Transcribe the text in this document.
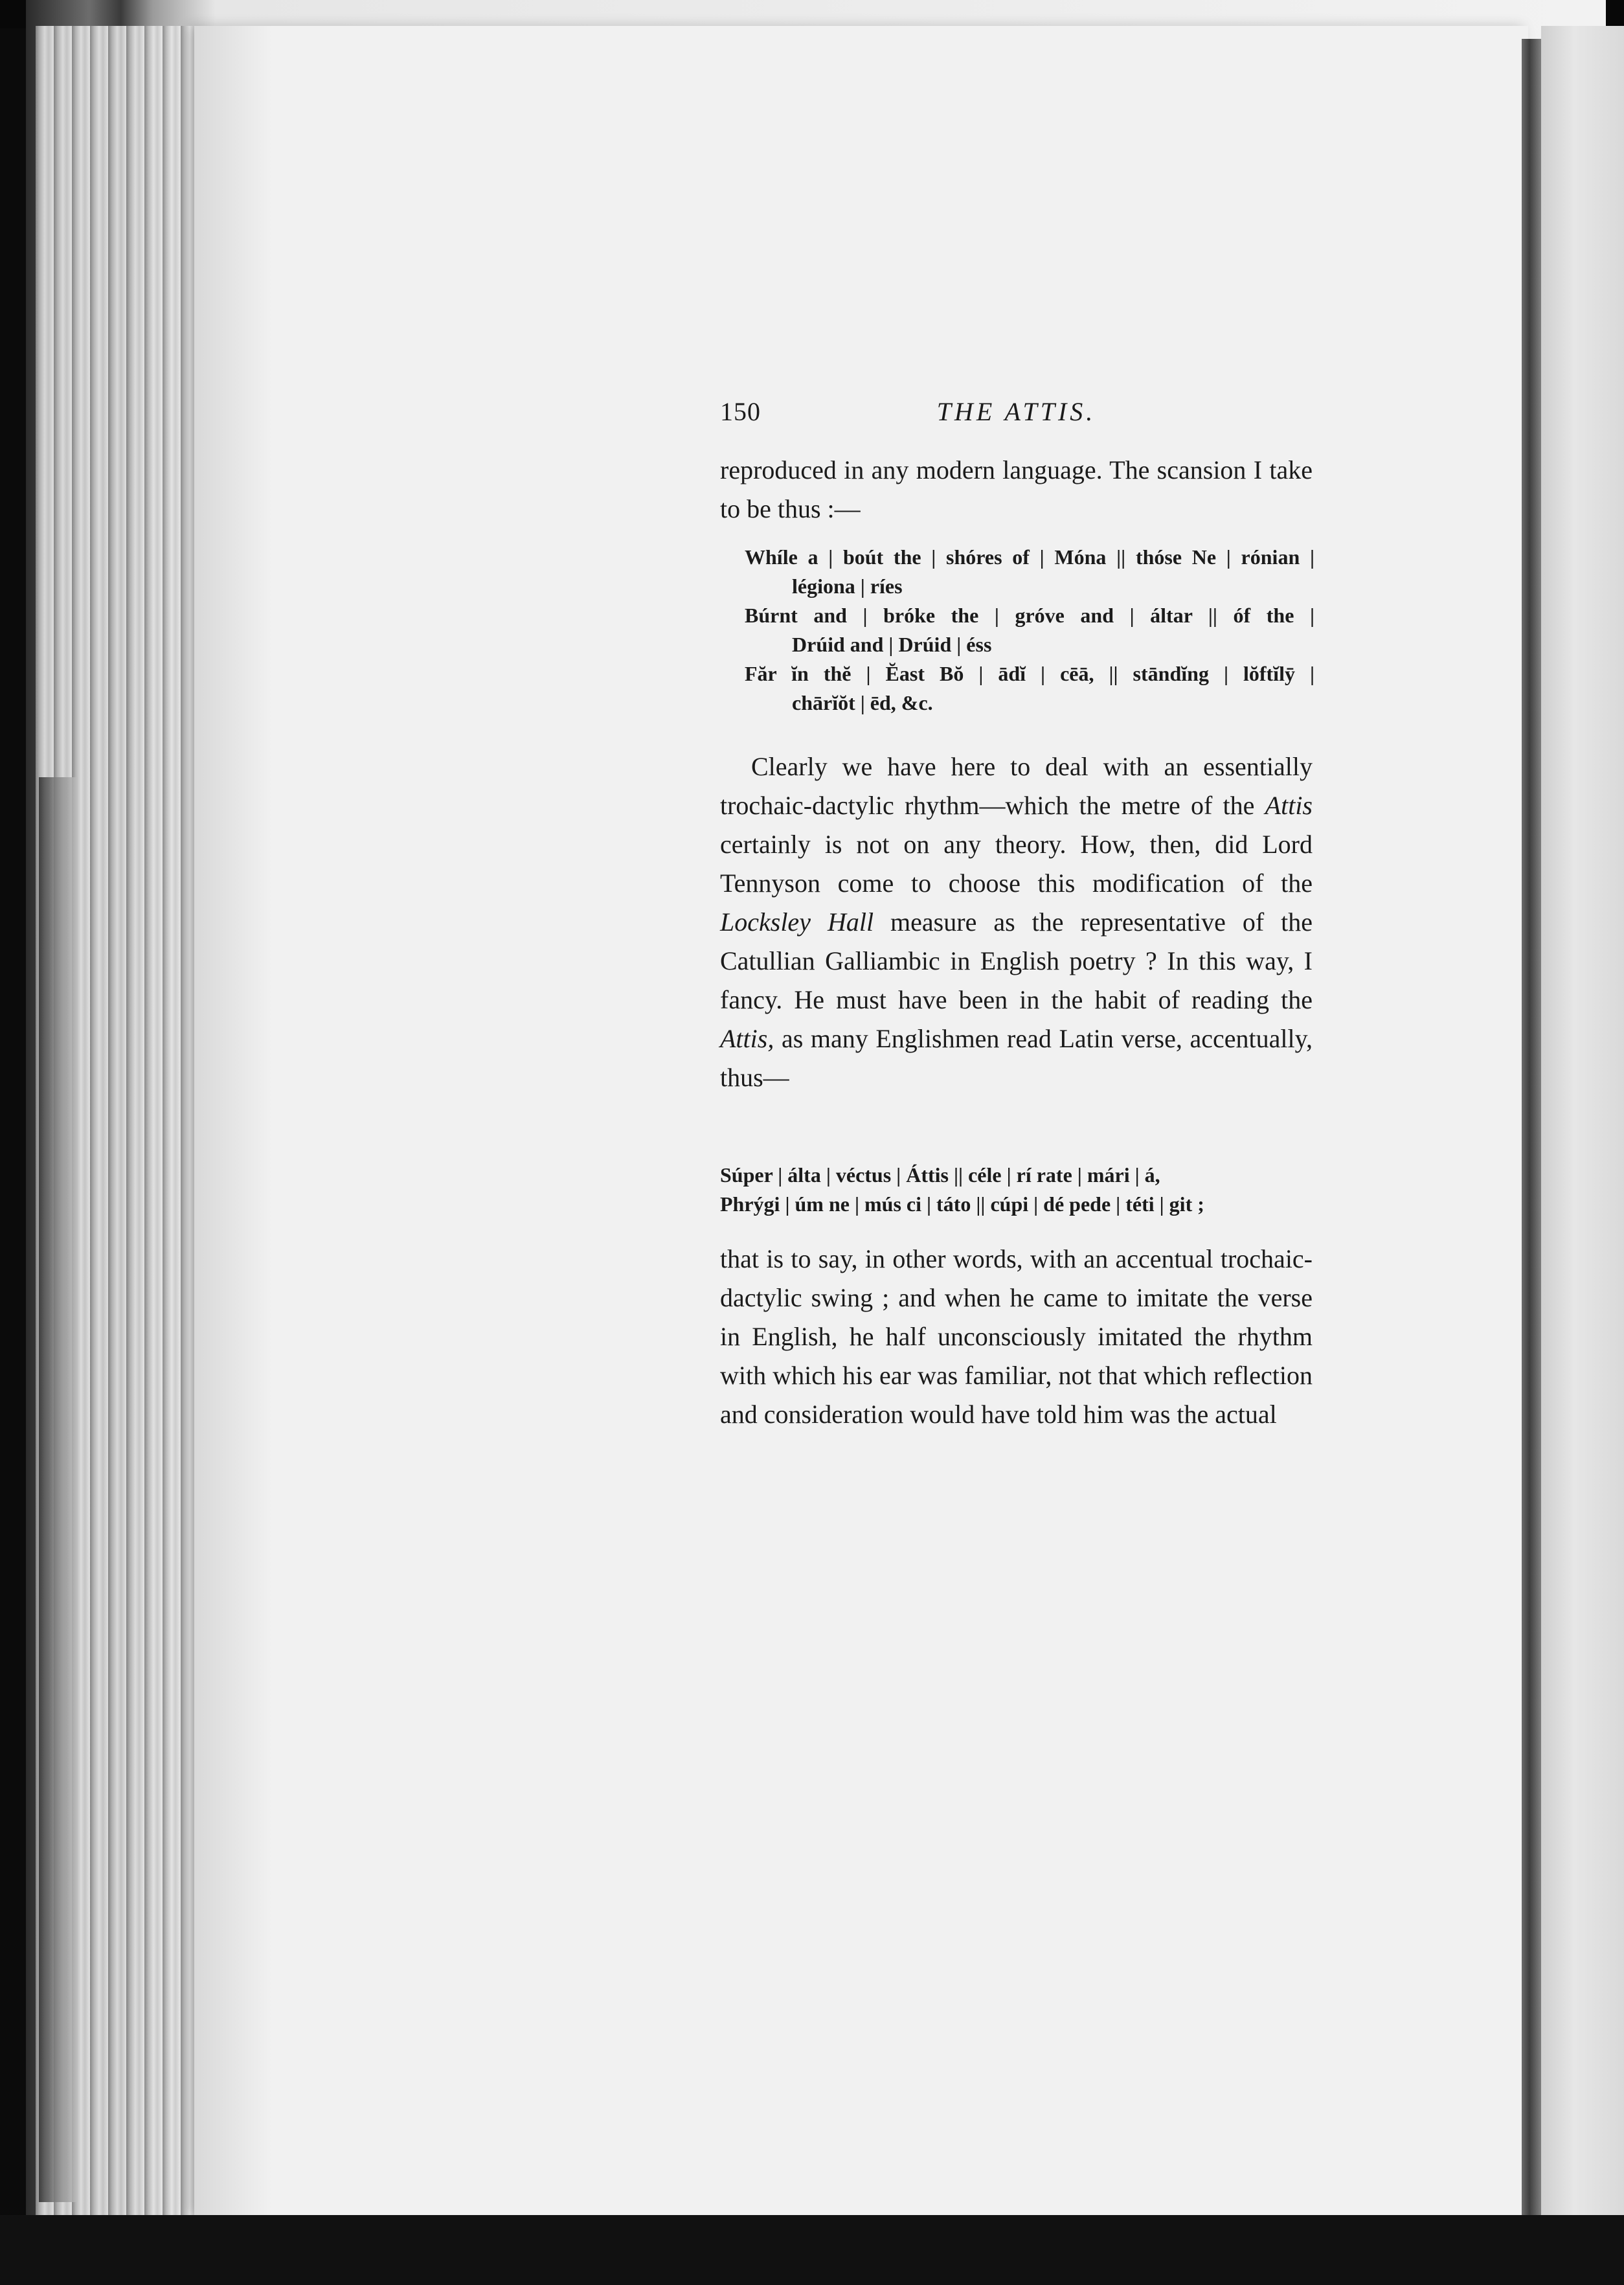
150	THE ATTIS.

reproduced in any modern language. The scansion I take to be thus :—

Whíle a | boút the | shóres of | Móna || thóse Ne | rónian |
légiona | ríes
Búrnt and | bróke the | gróve and | áltar || óf the |
Drúid and | Drúid | éss
Făr ĭn thĕ | Ĕast Bŏ | ādĭ | cēā, || stāndĭng | lŏftĭlȳ |
chārĭŏt | ēd, &c.

Clearly we have here to deal with an essentially trochaic-dactylic rhythm—which the metre of the Attis certainly is not on any theory. How, then, did Lord Tennyson come to choose this modification of the Locksley Hall measure as the representative of the Catullian Galliambic in English poetry ? In this way, I fancy. He must have been in the habit of reading the Attis, as many Englishmen read Latin verse, accentually, thus—

Súper | álta | véctus | Áttis || céle | rí rate | mári | á,
Phrýgi | úm ne | mús ci | táto || cúpi | dé pede | téti | git ;

that is to say, in other words, with an accentual trochaic-dactylic swing ; and when he came to imitate the verse in English, he half unconsciously imitated the rhythm with which his ear was familiar, not that which reflection and consideration would have told him was the actual
